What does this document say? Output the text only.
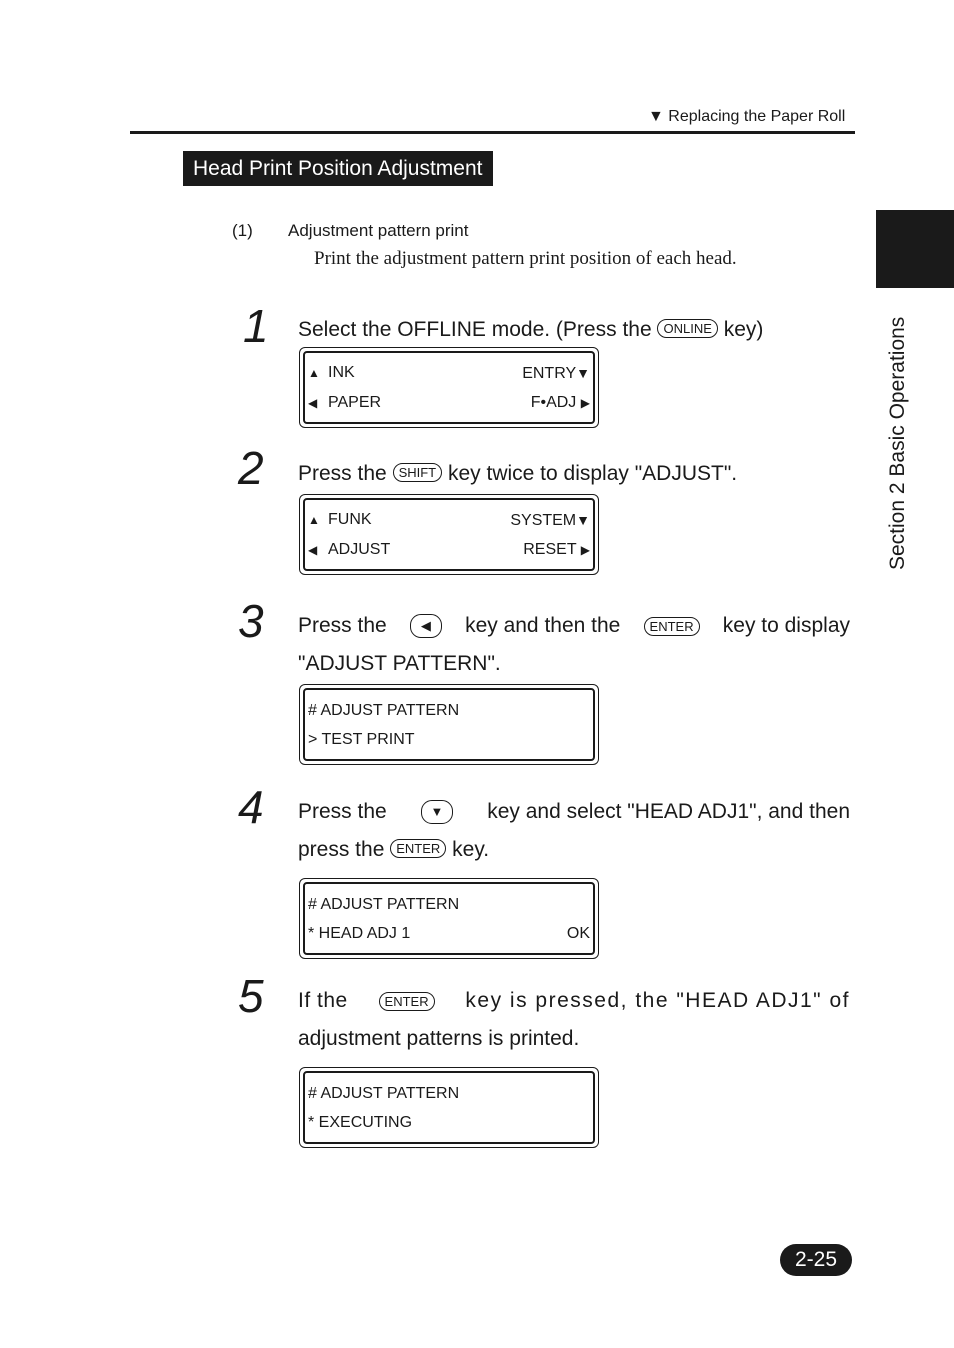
▼ Replacing the Paper Roll
Head Print Position Adjustment
Section 2 Basic Operations
(1) Adjustment pattern print
Print the adjustment pattern print position of each head.
1 Select the OFFLINE mode. (Press the ONLINE key)
▲ INK	ENTRY▼
◀ PAPER	F•ADJ ▶
2 Press the SHIFT key twice to display "ADJUST".
▲ FUNK	SYSTEM▼
◀ ADJUST	RESET ▶
3 Press the	◀	key and then the	ENTER key to display
"ADJUST PATTERN".
# ADJUST PATTERN
> TEST PRINT
4 Press the	▼	key and select "HEAD ADJ1", and then
press the ENTER key.
# ADJUST PATTERN
* HEAD ADJ 1	OK
5 If the	ENTER key is pressed, the "HEAD ADJ1" of
adjustment patterns is printed.
# ADJUST PATTERN
* EXECUTING
2-25
